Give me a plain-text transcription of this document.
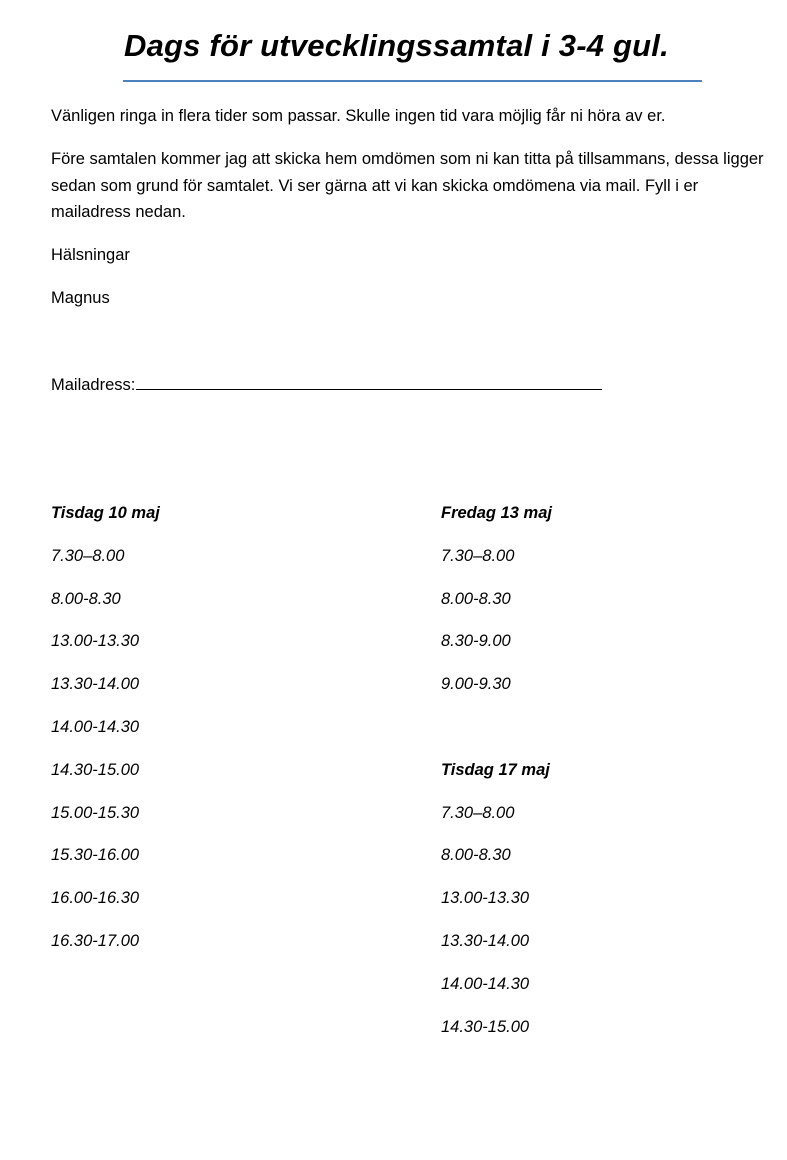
Dags för utvecklingssamtal i 3-4 gul.

Vänligen ringa in flera tider som passar. Skulle ingen tid vara möjlig får ni höra av er.

Före samtalen kommer jag att skicka hem omdömen som ni kan titta på tillsammans, dessa ligger sedan som grund för samtalet. Vi ser gärna att vi kan skicka omdömena via mail. Fyll i er mailadress nedan.

Hälsningar

Magnus

Mailadress:
Tisdag 10 maj
7.30–8.00
8.00-8.30
13.00-13.30
13.30-14.00
14.00-14.30
14.30-15.00
15.00-15.30
15.30-16.00
16.00-16.30
16.30-17.00
Fredag 13 maj
7.30–8.00
8.00-8.30
8.30-9.00
9.00-9.30
Tisdag 17 maj
7.30–8.00
8.00-8.30
13.00-13.30
13.30-14.00
14.00-14.30
14.30-15.00
